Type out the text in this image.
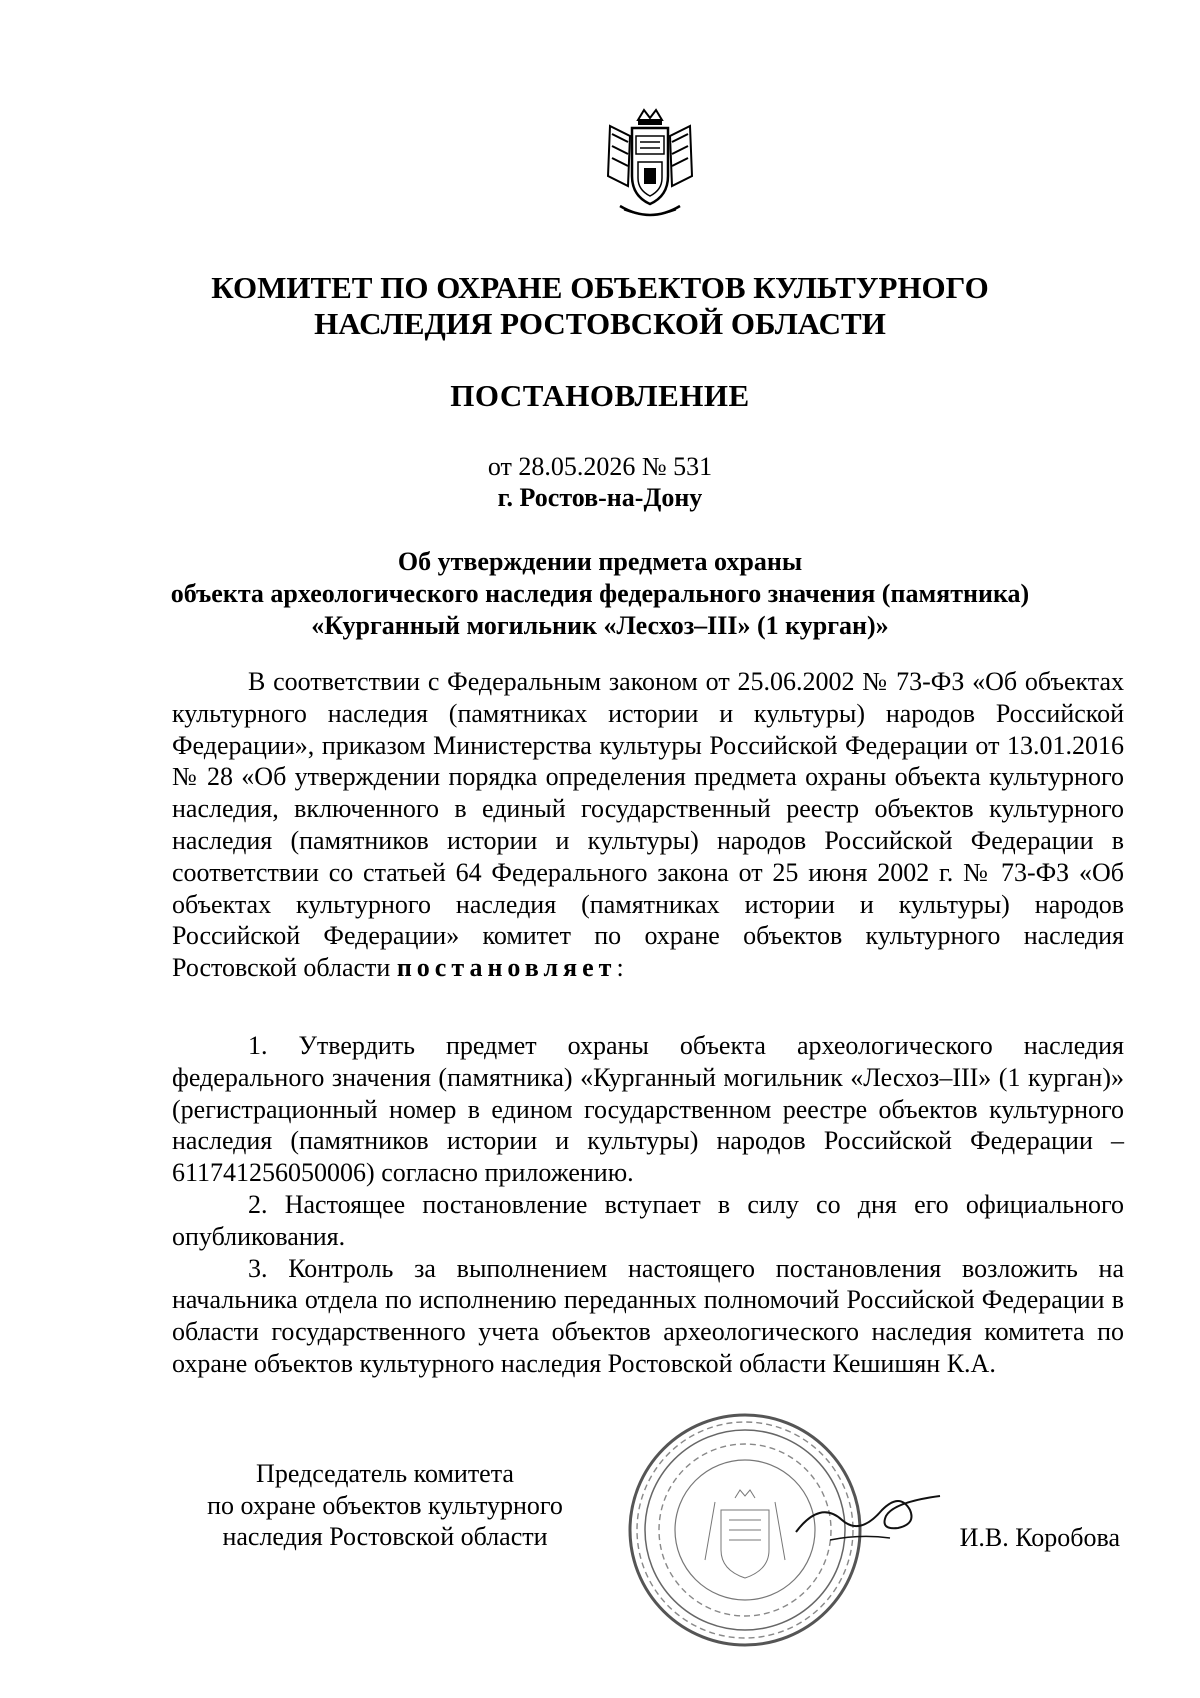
КОМИТЕТ ПО ОХРАНЕ ОБЪЕКТОВ КУЛЬТУРНОГО
НАСЛЕДИЯ РОСТОВСКОЙ ОБЛАСТИ
ПОСТАНОВЛЕНИЕ
от 28.05.2026 № 531
г. Ростов-на-Дону
Об утверждении предмета охраны
объекта археологического наследия федерального значения (памятника)
«Курганный могильник «Лесхоз–III» (1 курган)»

В соответствии с Федеральным законом от 25.06.2002 № 73-ФЗ «Об объектах культурного наследия (памятниках истории и культуры) народов Российской Федерации», приказом Министерства культуры Российской Федерации от 13.01.2016 № 28 «Об утверждении порядка определения предмета охраны объекта культурного наследия, включенного в единый государственный реестр объектов культурного наследия (памятников истории и культуры) народов Российской Федерации в соответствии со статьей 64 Федерального закона от 25 июня 2002 г. № 73-ФЗ «Об объектах культурного наследия (памятниках истории и культуры) народов Российской Федерации» комитет по охране объектов культурного наследия Ростовской области постановляет:

1. Утвердить предмет охраны объекта археологического наследия федерального значения (памятника) «Курганный могильник «Лесхоз–III» (1 курган)» (регистрационный номер в едином государственном реестре объектов культурного наследия (памятников истории и культуры) народов Российской Федерации – 611741256050006) согласно приложению.

2. Настоящее постановление вступает в силу со дня его официального опубликования.

3. Контроль за выполнением настоящего постановления возложить на начальника отдела по исполнению переданных полномочий Российской Федерации в области государственного учета объектов археологического наследия комитета по охране объектов культурного наследия Ростовской области Кешишян К.А.

Председатель комитета
по охране объектов культурного
наследия Ростовской области	И.В. Коробова
